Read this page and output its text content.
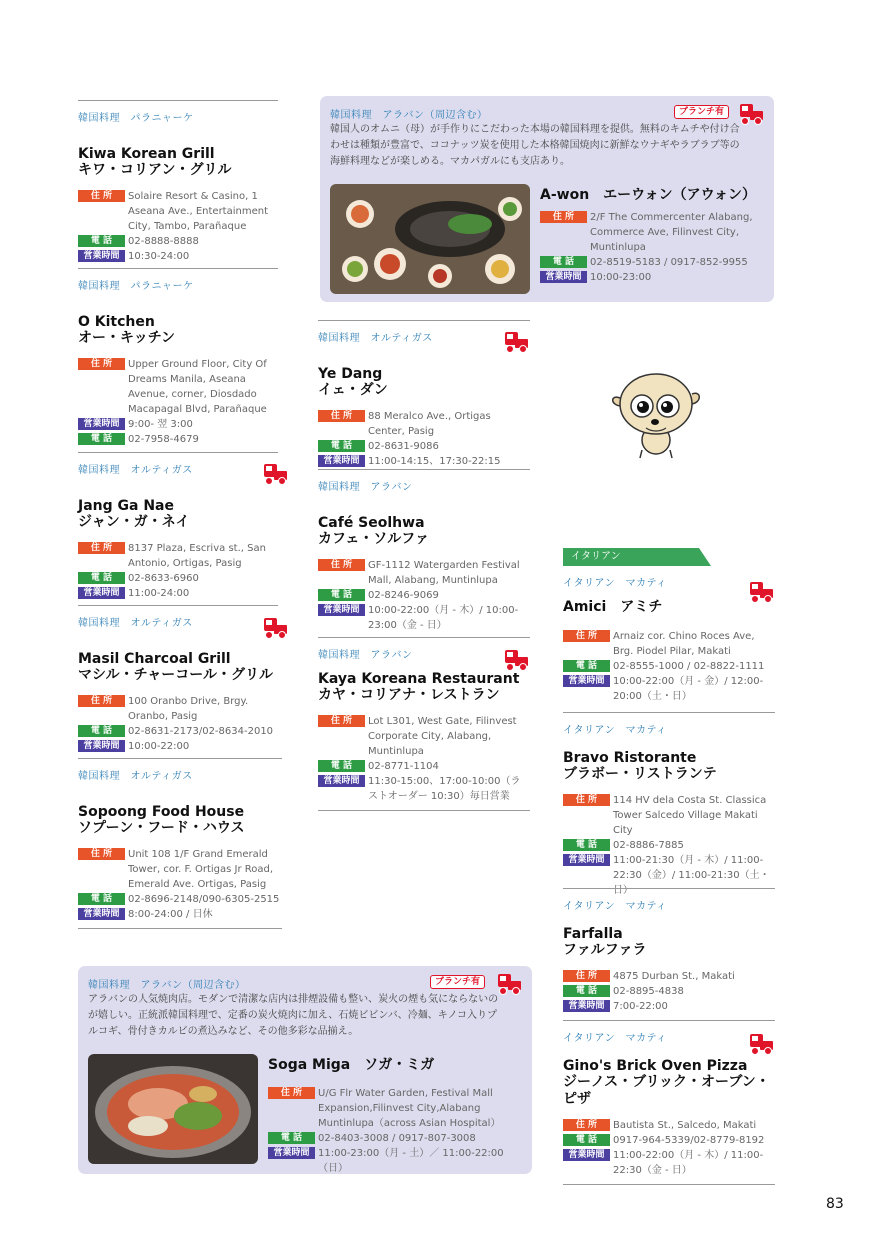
韓国料理　パラニャーケ
Kiwa Korean Grill
キワ・コリアン・グリル
住 所	Solaire Resort & Casino, 1 Aseana Ave., Entertainment City, Tambo, Parañaque
電 話	02-8888-8888
営業時間 10:30-24:00
韓国料理　パラニャーケ
O Kitchen
オー・キッチン
住 所	Upper Ground Floor, City Of Dreams Manila, Aseana Avenue, corner, Diosdado Macapagal Blvd, Parañaque
営業時間 9:00- 翌 3:00
電 話	02-7958-4679
韓国料理　オルティガス
Jang Ga Nae
ジャン・ガ・ネイ
住 所	8137 Plaza, Escriva st., San Antonio, Ortigas, Pasig
電 話	02-8633-6960
営業時間 11:00-24:00
韓国料理　オルティガス
Masil Charcoal Grill
マシル・チャーコール・グリル
住 所	100 Oranbo Drive, Brgy. Oranbo, Pasig
電 話	02-8631-2173/02-8634-2010
営業時間 10:00-22:00
韓国料理　オルティガス
Sopoong Food House
ソプーン・フード・ハウス
住 所	Unit 108 1/F Grand Emerald Tower, cor. F. Ortigas Jr Road, Emerald Ave. Ortigas, Pasig
電 話	02-8696-2148/090-6305-2515
営業時間 8:00-24:00 / 日休
韓国料理　アラバン（周辺含む）	ブランチ有
韓国人のオムニ（母）が手作りにこだわった本場の韓国料理を提供。無料のキムチや付け合わせは種類が豊富で、ココナッツ炭を使用した本格韓国焼肉に新鮮なウナギやラブラブ等の海鮮料理などが楽しめる。マカパガルにも支店あり。
A-won　エーウォン（アウォン）
住 所	2/F The Commercenter Alabang, Commerce Ave, Filinvest City, Muntinlupa
電 話	02-8519-5183 / 0917-852-9955
営業時間 10:00-23:00
韓国料理　オルティガス
Ye Dang
イェ・ダン
住 所	88 Meralco Ave., Ortigas Center, Pasig
電 話	02-8631-9086
営業時間 11:00-14:15、17:30-22:15
韓国料理　アラバン
Café Seolhwa
カフェ・ソルファ
住 所	GF-1112 Watergarden Festival Mall, Alabang, Muntinlupa
電 話	02-8246-9069
営業時間 10:00-22:00（月 - 木）/ 10:00-23:00（金 - 日）
韓国料理　アラバン
Kaya Koreana Restaurant
カヤ・コリアナ・レストラン
住 所	Lot L301, West Gate, Filinvest Corporate City, Alabang, Muntinlupa
電 話	02-8771-1104
営業時間 11:30-15:00、17:00-10:00（ラストオーダー 10:30）毎日営業
イタリアン
イタリアン　マカティ
Amici　 アミチ
住 所	Arnaiz cor. Chino Roces Ave, Brg. Piodel Pilar, Makati
電 話	02-8555-1000 / 02-8822-1111
営業時間 10:00-22:00（月 - 金）/ 12:00-20:00（土・日）
イタリアン　マカティ
Bravo Ristorante
ブラボー・リストランテ
住 所	114 HV dela Costa St. Classica Tower Salcedo Village Makati City
電 話	02-8886-7885
営業時間 11:00-21:30（月 - 木）/ 11:00-22:30（金）/ 11:00-21:30（土・日）
イタリアン　マカティ
Farfalla
ファルファラ
住 所	4875 Durban St., Makati
電 話	02-8895-4838
営業時間 7:00-22:00
イタリアン　マカティ
Gino's Brick Oven Pizza
ジーノス・ブリック・オーブン・ピザ
住 所	Bautista St., Salcedo, Makati
電 話	0917-964-5339/02-8779-8192
営業時間 11:00-22:00（月 - 木）/ 11:00-22:30（金 - 日）
韓国料理　アラバン（周辺含む）	ブランチ有
アラバンの人気焼肉店。モダンで清潔な店内は排煙設備も整い、炭火の煙も気にならないのが嬉しい。正統派韓国料理で、定番の炭火焼肉に加え、石焼ビビンバ、冷麺、キノコ入りプルコギ、骨付きカルビの煮込みなど、その他多彩な品揃え。
Soga Miga　ソガ・ミガ
住 所	U/G Flr Water Garden, Festival Mall Expansion,Filinvest City,Alabang Muntinlupa（across Asian Hospital）
電 話	02-8403-3008 / 0917-807-3008
営業時間 11:00-23:00（月 - 土）／ 11:00-22:00（日）
83
